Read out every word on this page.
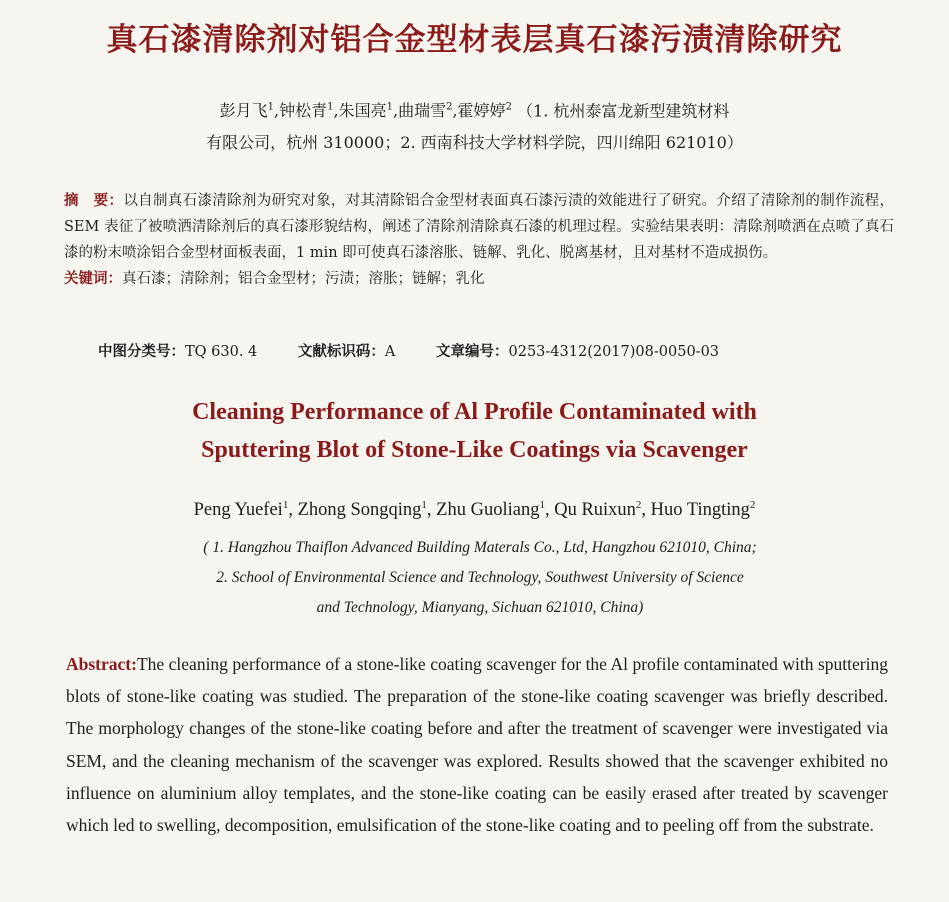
真石漆清除剂对铝合金型材表层真石漆污渍清除研究
彭月飞$^1$,钟松青$^1$,朱国亮$^1$,曲瑞雪$^2$,霍婷婷$^2$ （1. 杭州泰富龙新型建筑材料
有限公司，杭州 310000；2. 西南科技大学材料学院，四川绵阳 621010）
摘　要：以自制真石漆清除剂为研究对象，对其清除铝合金型材表面真石漆污渍的效能进行了研究。介绍了清除剂的制作流程，SEM 表征了被喷洒清除剂后的真石漆形貌结构，阐述了清除剂清除真石漆的机理过程。实验结果表明：清除剂喷洒在点喷了真石漆的粉末喷涂铝合金型材面板表面，1 min 即可使真石漆溶胀、链解、乳化、脱离基材，且对基材不造成损伤。
关键词：真石漆；清除剂；铝合金型材；污渍；溶胀；链解；乳化
中图分类号：TQ 630. 4	文献标识码：A	文章编号：0253-4312(2017)08-0050-03
Cleaning Performance of Al Profile Contaminated with
Sputtering Blot of Stone-Like Coatings via Scavenger
Peng Yuefei$^1$, Zhong Songqing$^1$, Zhu Guoliang$^1$, Qu Ruixun$^2$, Huo Tingting$^2$
( 1. Hangzhou Thaiflon Advanced Building Materals Co., Ltd, Hangzhou 621010, China;
2. School of Environmental Science and Technology, Southwest University of Science
and Technology, Mianyang, Sichuan 621010, China)
Abstract:The cleaning performance of a stone-like coating scavenger for the Al profile contaminated with sputtering blots of stone-like coating was studied. The preparation of the stone-like coating scavenger was briefly described. The morphology changes of the stone-like coating before and after the treatment of scavenger were investigated via SEM, and the cleaning mechanism of the scavenger was explored. Results showed that the scavenger exhibited no influence on aluminium alloy templates, and the stone-like coating can be easily erased after treated by scavenger which led to swelling, decomposition, emulsification of the stone-like coating and to peeling off from the substrate.
